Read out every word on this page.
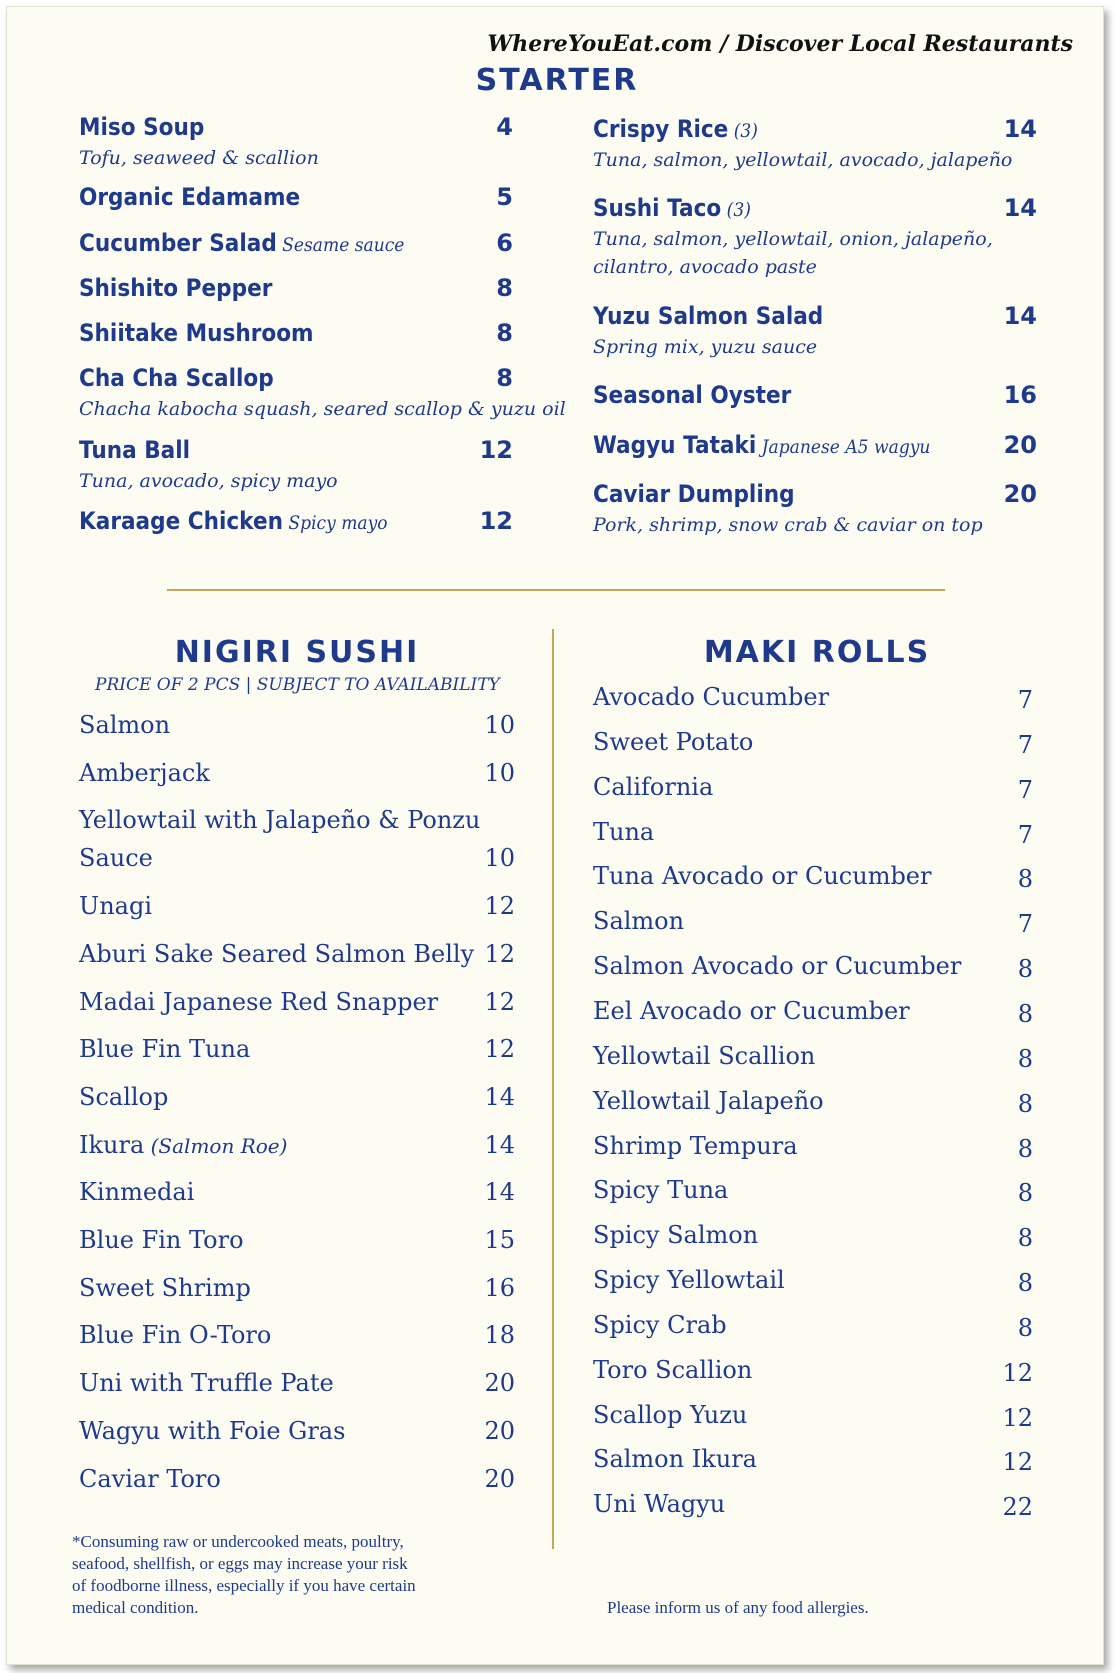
WhereYouEat.com / Discover Local Restaurants
STARTER
Miso Soup	4
Tofu, seaweed & scallion
Organic Edamame	5
Cucumber Salad Sesame sauce	6
Shishito Pepper	8
Shiitake Mushroom	8
Cha Cha Scallop	8
Chacha kabocha squash, seared scallop & yuzu oil
Tuna Ball	12
Tuna, avocado, spicy mayo
Karaage Chicken Spicy mayo	12
Crispy Rice (3)	14
Tuna, salmon, yellowtail, avocado, jalapeño
Sushi Taco (3)	14
Tuna, salmon, yellowtail, onion, jalapeño,
cilantro, avocado paste
Yuzu Salmon Salad	14
Spring mix, yuzu sauce
Seasonal Oyster	16
Wagyu Tataki Japanese A5 wagyu	20
Caviar Dumpling	20
Pork, shrimp, snow crab & caviar on top
NIGIRI SUSHI
PRICE OF 2 PCS | SUBJECT TO AVAILABILITY
Salmon	10
Amberjack	10
Yellowtail with Jalapeño & Ponzu
Sauce	10
Unagi	12
Aburi Sake Seared Salmon Belly 12
Madai Japanese Red Snapper	12
Blue Fin Tuna	12
Scallop	14
Ikura (Salmon Roe)	14
Kinmedai	14
Blue Fin Toro	15
Sweet Shrimp	16
Blue Fin O-Toro	18
Uni with Truffle Pate	20
Wagyu with Foie Gras	20
Caviar Toro	20
MAKI ROLLS
Avocado Cucumber	7
Sweet Potato	7
California	7
Tuna	7
Tuna Avocado or Cucumber	8
Salmon	7
Salmon Avocado or Cucumber	8
Eel Avocado or Cucumber	8
Yellowtail Scallion	8
Yellowtail Jalapeño	8
Shrimp Tempura	8
Spicy Tuna	8
Spicy Salmon	8
Spicy Yellowtail	8
Spicy Crab	8
Toro Scallion	12
Scallop Yuzu	12
Salmon Ikura	12
Uni Wagyu	22
*Consuming raw or undercooked meats, poultry,
seafood, shellfish, or eggs may increase your risk
of foodborne illness, especially if you have certain
medical condition.	Please inform us of any food allergies.
